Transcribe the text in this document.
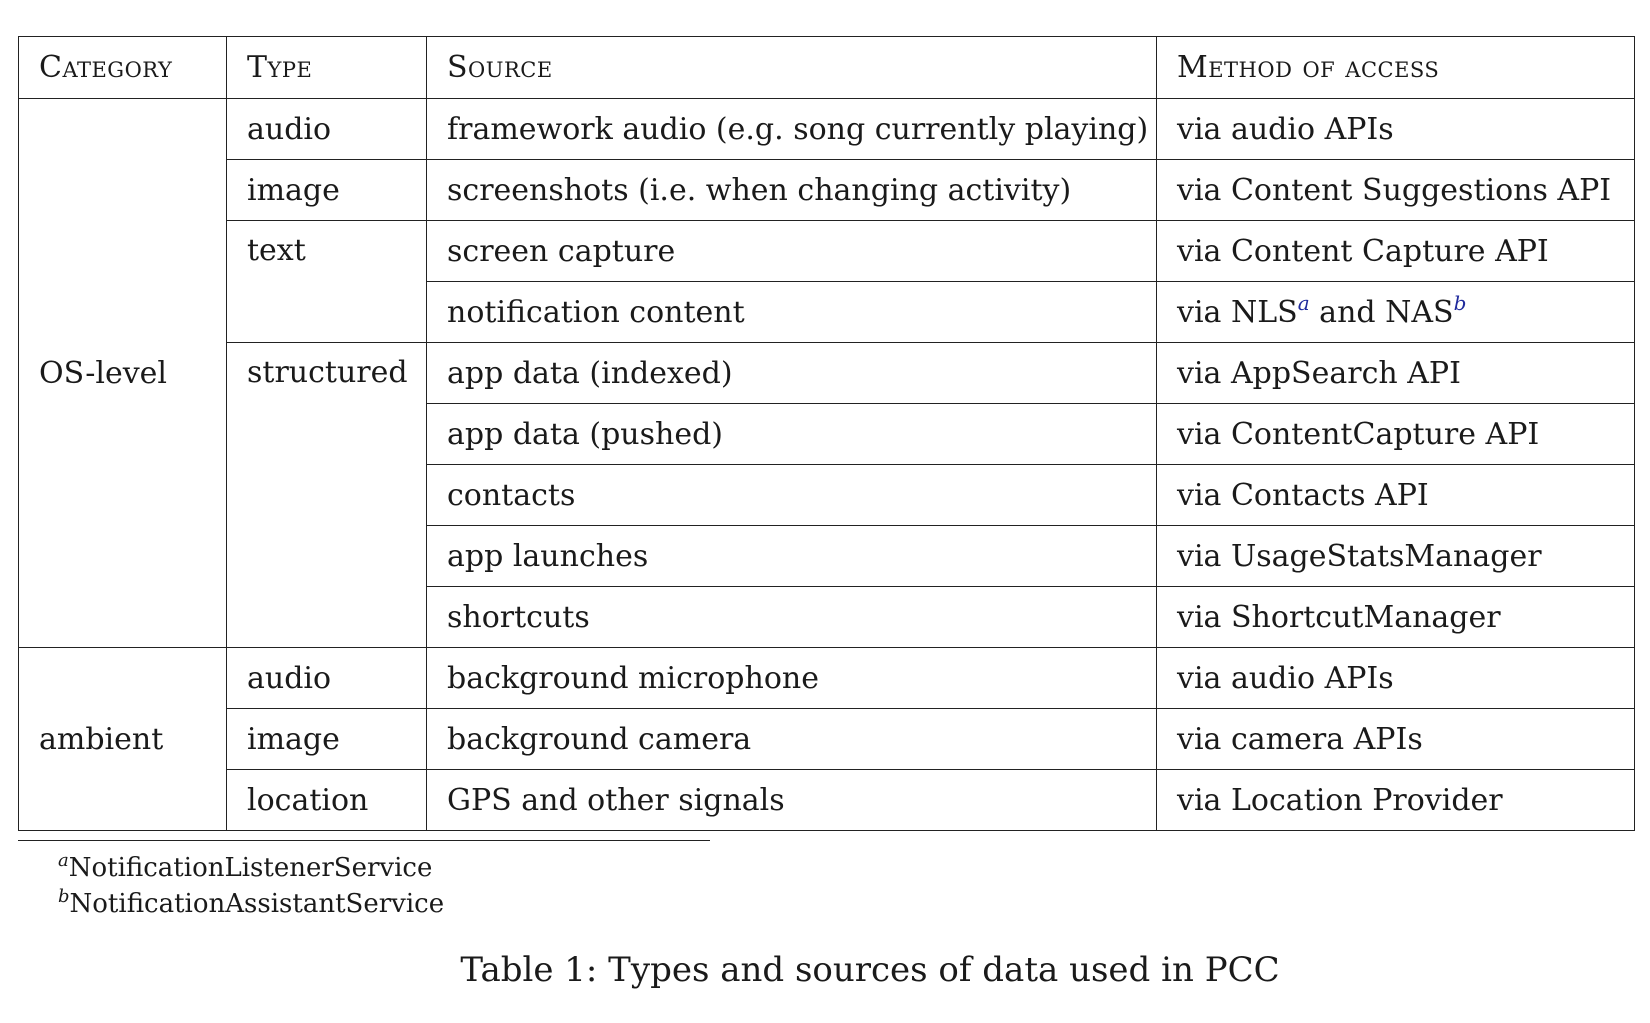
Category	Type	Source	Method of access
OS-level	audio	framework audio (e.g. song currently playing)	via audio APIs
	image	screenshots (i.e. when changing activity)	via Content Suggestions API
	text	screen capture	via Content Capture API
		notification content	via NLS$^a$ and NAS$^b$
	structured	app data (indexed)	via AppSearch API
		app data (pushed)	via ContentCapture API
		contacts	via Contacts API
		app launches	via UsageStatsManager
		shortcuts	via ShortcutManager
ambient	audio	background microphone	via audio APIs
	image	background camera	via camera APIs
	location	GPS and other signals	via Location Provider
$^a$NotificationListenerService
$^b$NotificationAssistantService
Table 1: Types and sources of data used in PCC
